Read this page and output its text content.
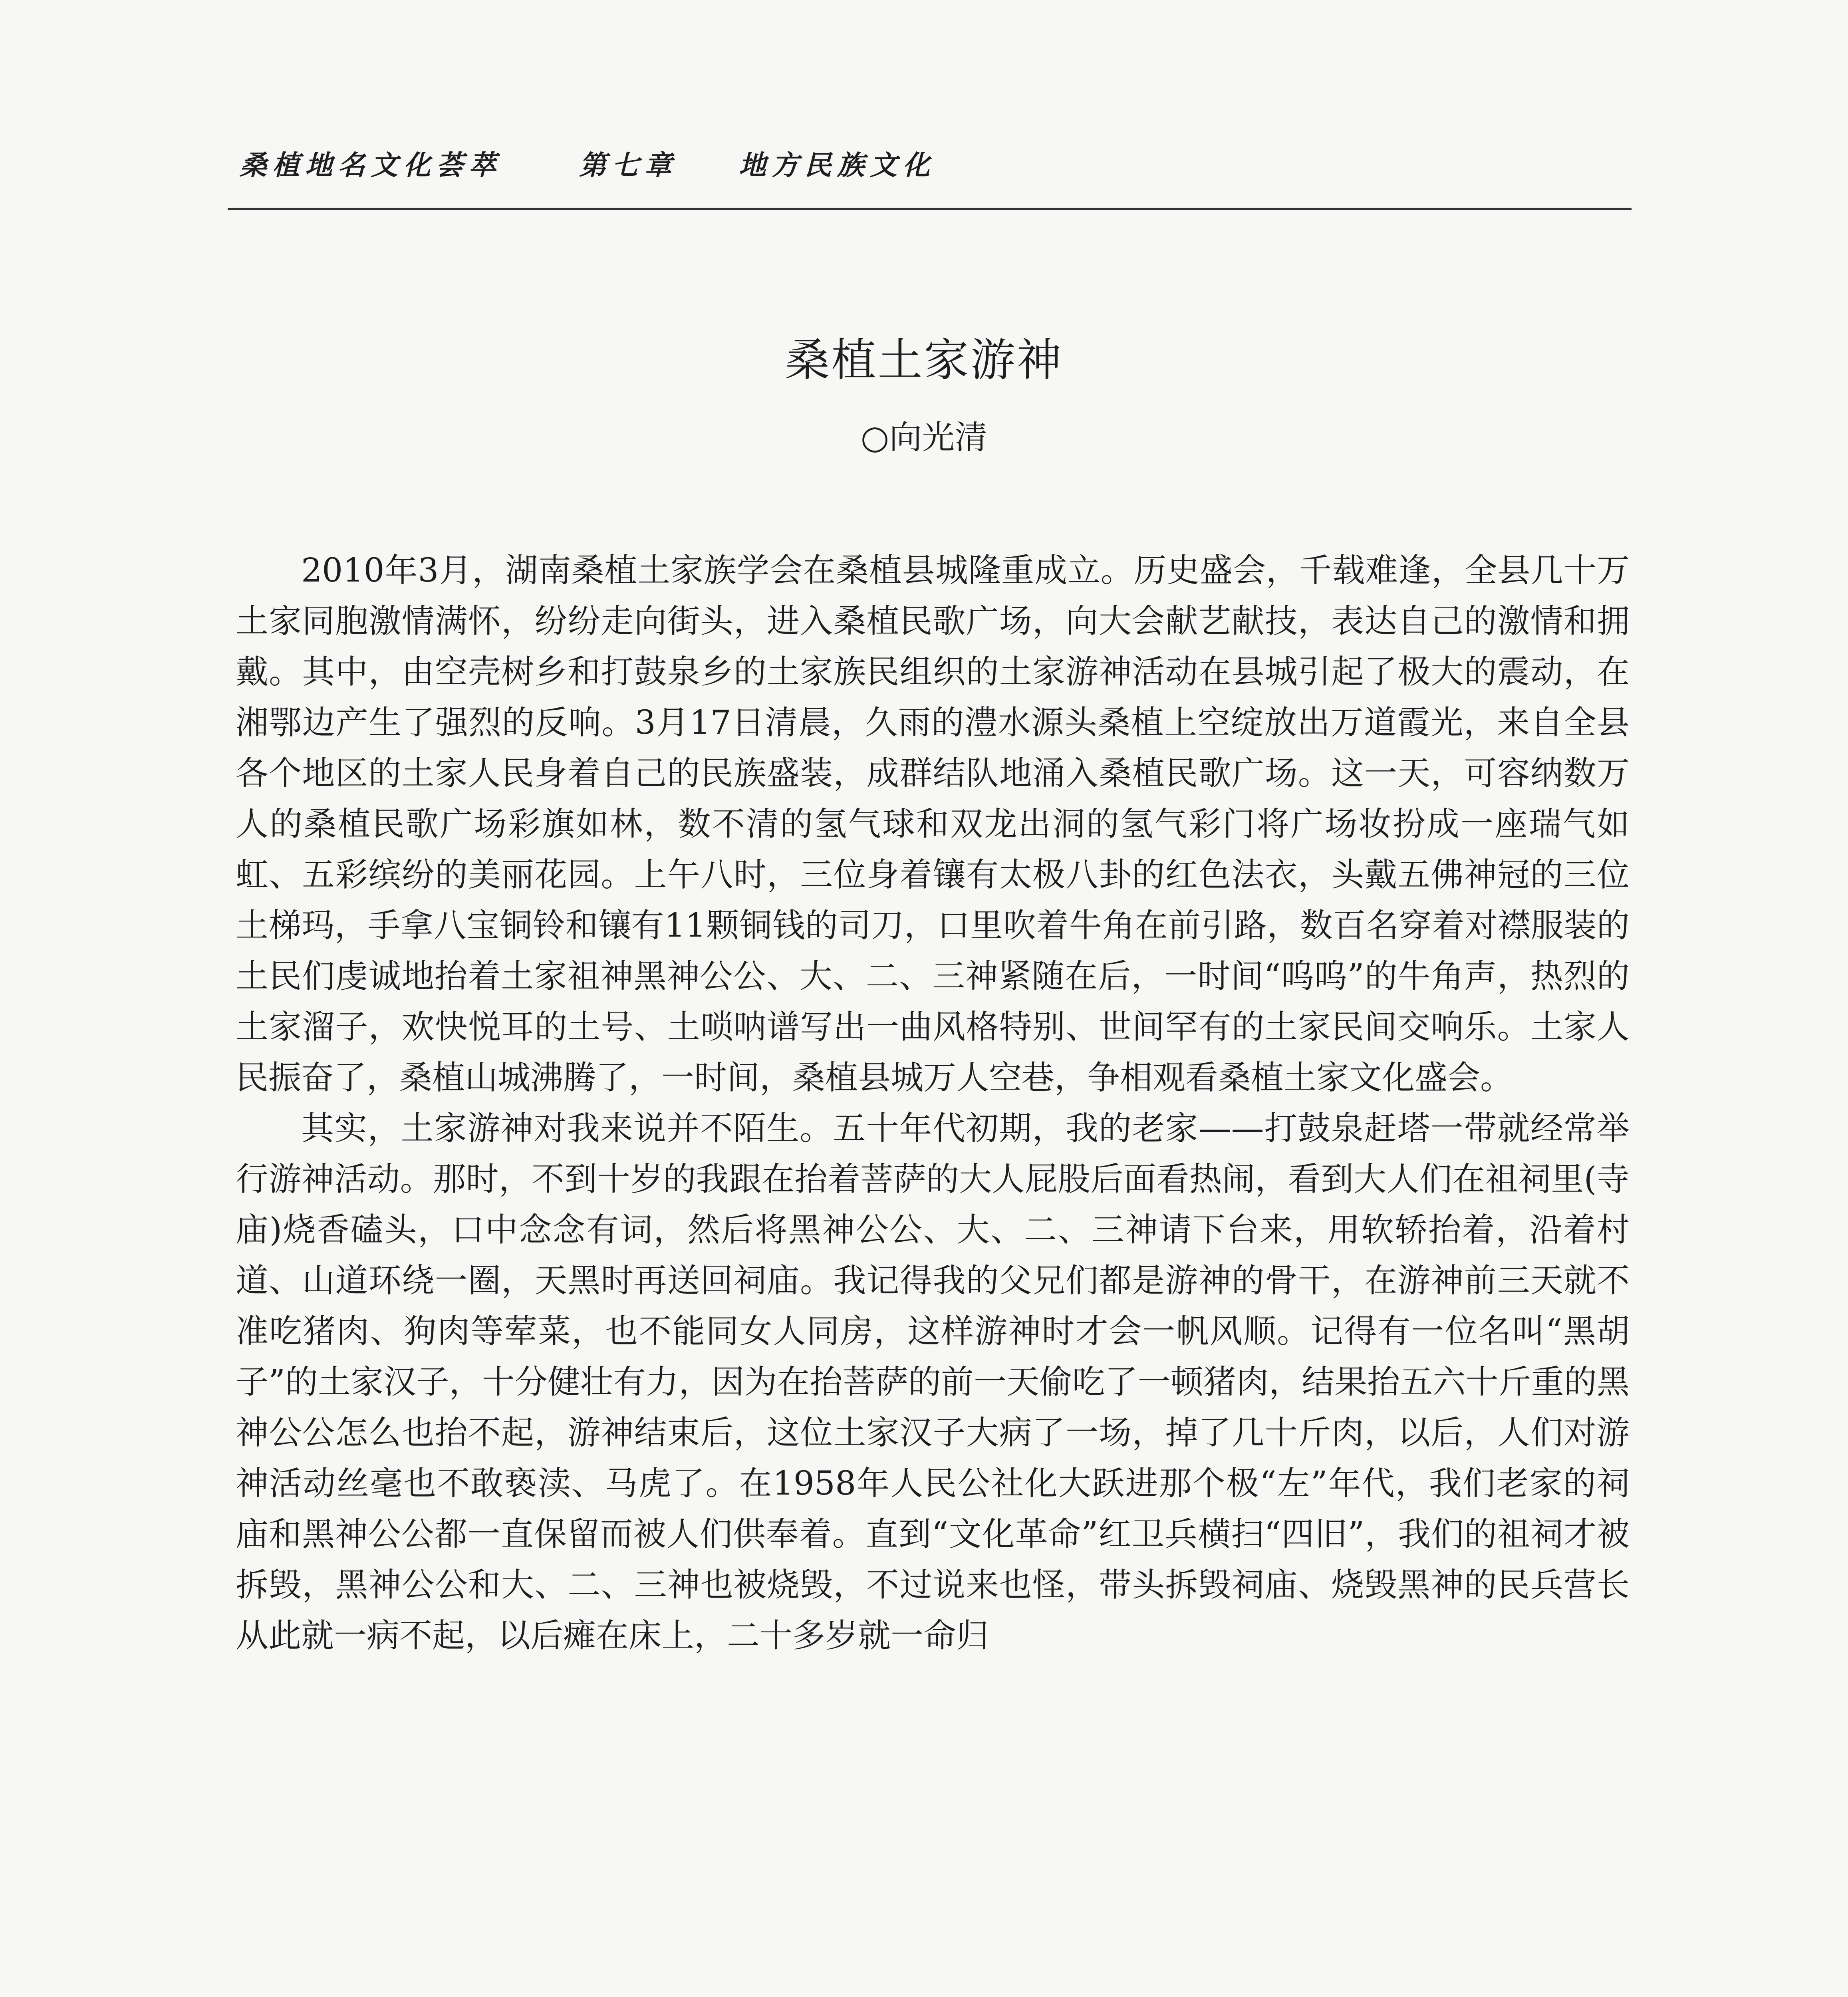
桑植地名文化荟萃	第七章 地方民族文化
桑植土家游神
○向光清

2010年3月，湖南桑植土家族学会在桑植县城隆重成立。历史盛会，千载难逢，全县几十万土家同胞激情满怀，纷纷走向街头，进入桑植民歌广场，向大会献艺献技，表达自己的激情和拥戴。其中，由空壳树乡和打鼓泉乡的土家族民组织的土家游神活动在县城引起了极大的震动，在湘鄂边产生了强烈的反响。3月17日清晨，久雨的澧水源头桑植上空绽放出万道霞光，来自全县各个地区的土家人民身着自己的民族盛装，成群结队地涌入桑植民歌广场。这一天，可容纳数万人的桑植民歌广场彩旗如林，数不清的氢气球和双龙出洞的氢气彩门将广场妆扮成一座瑞气如虹、五彩缤纷的美丽花园。上午八时，三位身着镶有太极八卦的红色法衣，头戴五佛神冠的三位土梯玛，手拿八宝铜铃和镶有11颗铜钱的司刀，口里吹着牛角在前引路，数百名穿着对襟服装的土民们虔诚地抬着土家祖神黑神公公、大、二、三神紧随在后，一时间“呜呜”的牛角声，热烈的土家溜子，欢快悦耳的土号、土唢呐谱写出一曲风格特别、世间罕有的土家民间交响乐。土家人民振奋了，桑植山城沸腾了，一时间，桑植县城万人空巷，争相观看桑植土家文化盛会。

其实，土家游神对我来说并不陌生。五十年代初期，我的老家——打鼓泉赶塔一带就经常举行游神活动。那时，不到十岁的我跟在抬着菩萨的大人屁股后面看热闹，看到大人们在祖祠里(寺庙)烧香磕头，口中念念有词，然后将黑神公公、大、二、三神请下台来，用软轿抬着，沿着村道、山道环绕一圈，天黑时再送回祠庙。我记得我的父兄们都是游神的骨干，在游神前三天就不准吃猪肉、狗肉等荤菜，也不能同女人同房，这样游神时才会一帆风顺。记得有一位名叫“黑胡子”的土家汉子，十分健壮有力，因为在抬菩萨的前一天偷吃了一顿猪肉，结果抬五六十斤重的黑神公公怎么也抬不起，游神结束后，这位土家汉子大病了一场，掉了几十斤肉，以后，人们对游神活动丝毫也不敢亵渎、马虎了。在1958年人民公社化大跃进那个极“左”年代，我们老家的祠庙和黑神公公都一直保留而被人们供奉着。直到“文化革命”红卫兵横扫“四旧”，我们的祖祠才被拆毁，黑神公公和大、二、三神也被烧毁，不过说来也怪，带头拆毁祠庙、烧毁黑神的民兵营长从此就一病不起，以后瘫在床上，二十多岁就一命归
